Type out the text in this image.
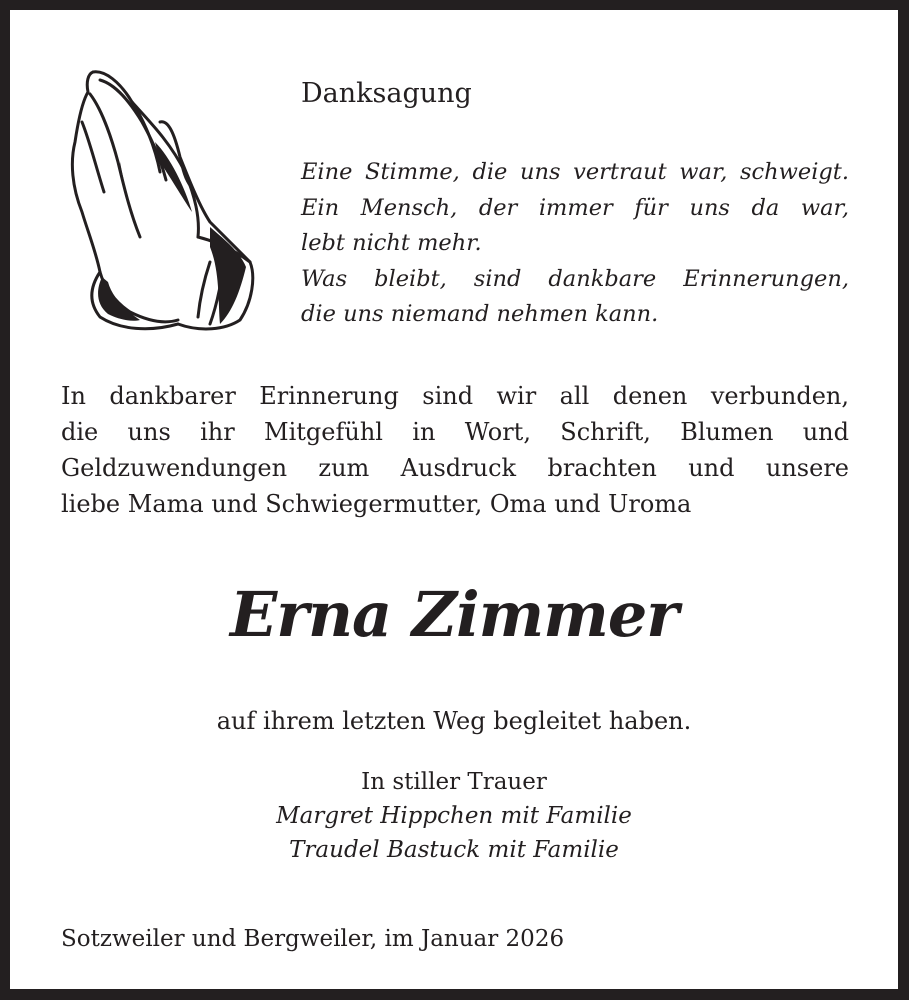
Danksagung
Eine Stimme, die uns vertraut war, schweigt.
Ein Mensch, der immer für uns da war,
lebt nicht mehr.
Was bleibt, sind dankbare Erinnerungen,
die uns niemand nehmen kann.
In dankbarer Erinnerung sind wir all denen verbunden,
die uns ihr Mitgefühl in Wort, Schrift, Blumen und
Geldzuwendungen zum Ausdruck brachten und unsere
liebe Mama und Schwiegermutter, Oma und Uroma
Erna Zimmer
auf ihrem letzten Weg begleitet haben.
In stiller Trauer
Margret Hippchen mit Familie
Traudel Bastuck mit Familie
Sotzweiler und Bergweiler, im Januar 2026
